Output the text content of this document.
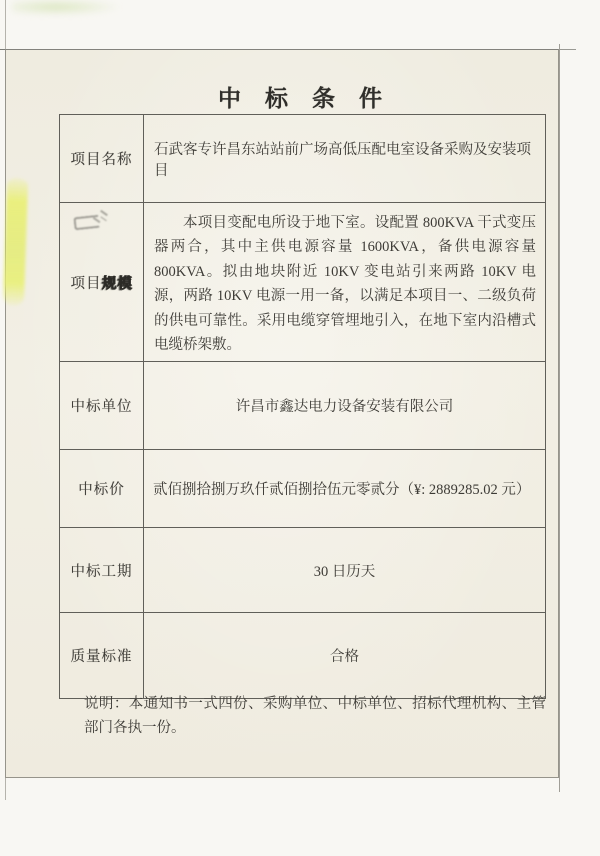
中标条件
项目名称	石武客专许昌东站站前广场高低压配电室设备采购及安装项目
项目规模	本项目变配电所设于地下室。设配置 800KVA 干式变压器两合，其中主供电源容量 1600KVA，备供电源容量 800KVA。拟由地块附近 10KV 变电站引来两路 10KV 电源，两路 10KV 电源一用一备，以满足本项目一、二级负荷的供电可靠性。采用电缆穿管埋地引入，在地下室内沿槽式电缆桥架敷。

中标单位	许昌市鑫达电力设备安装有限公司
中标价	贰佰捌拾捌万玖仟贰佰捌拾伍元零贰分（¥: 2889285.02 元）
中标工期	30 日历天
质量标准	合格
说明：本通知书一式四份、采购单位、中标单位、招标代理机构、主管部门各执一份。
